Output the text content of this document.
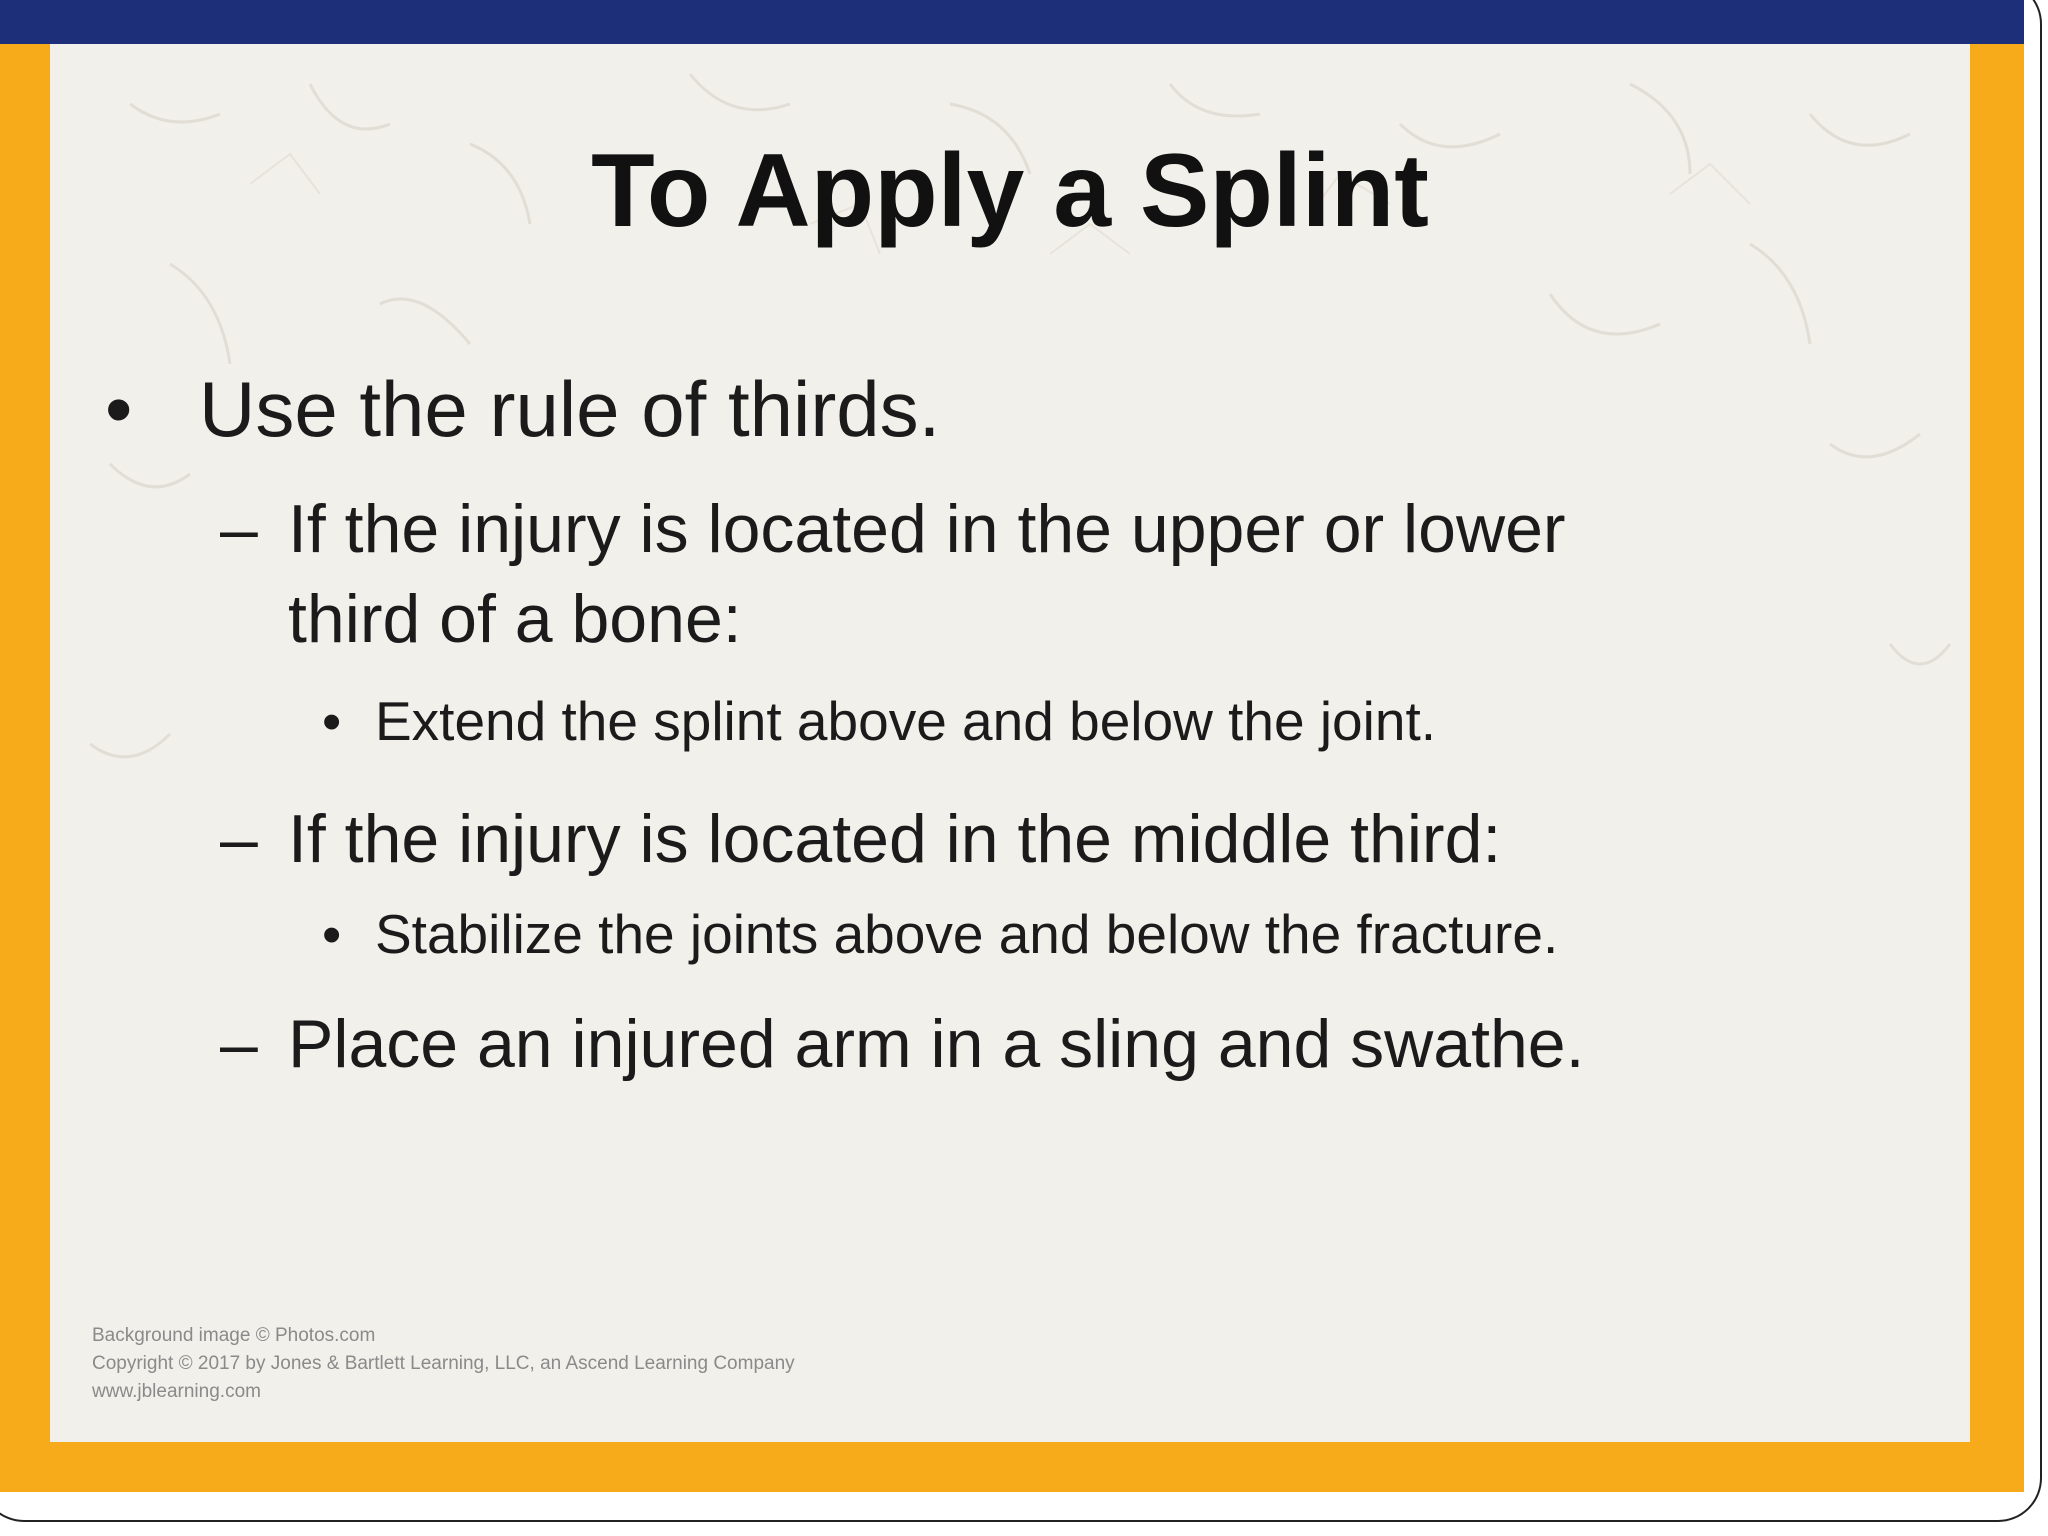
To Apply a Splint
• Use the rule of thirds.
– If the injury is located in the upper or lower
third of a bone:
• Extend the splint above and below the joint.
– If the injury is located in the middle third:
• Stabilize the joints above and below the fracture.
– Place an injured arm in a sling and swathe.
Background image © Photos.com
Copyright © 2017 by Jones & Bartlett Learning, LLC, an Ascend Learning Company
www.jblearning.com
